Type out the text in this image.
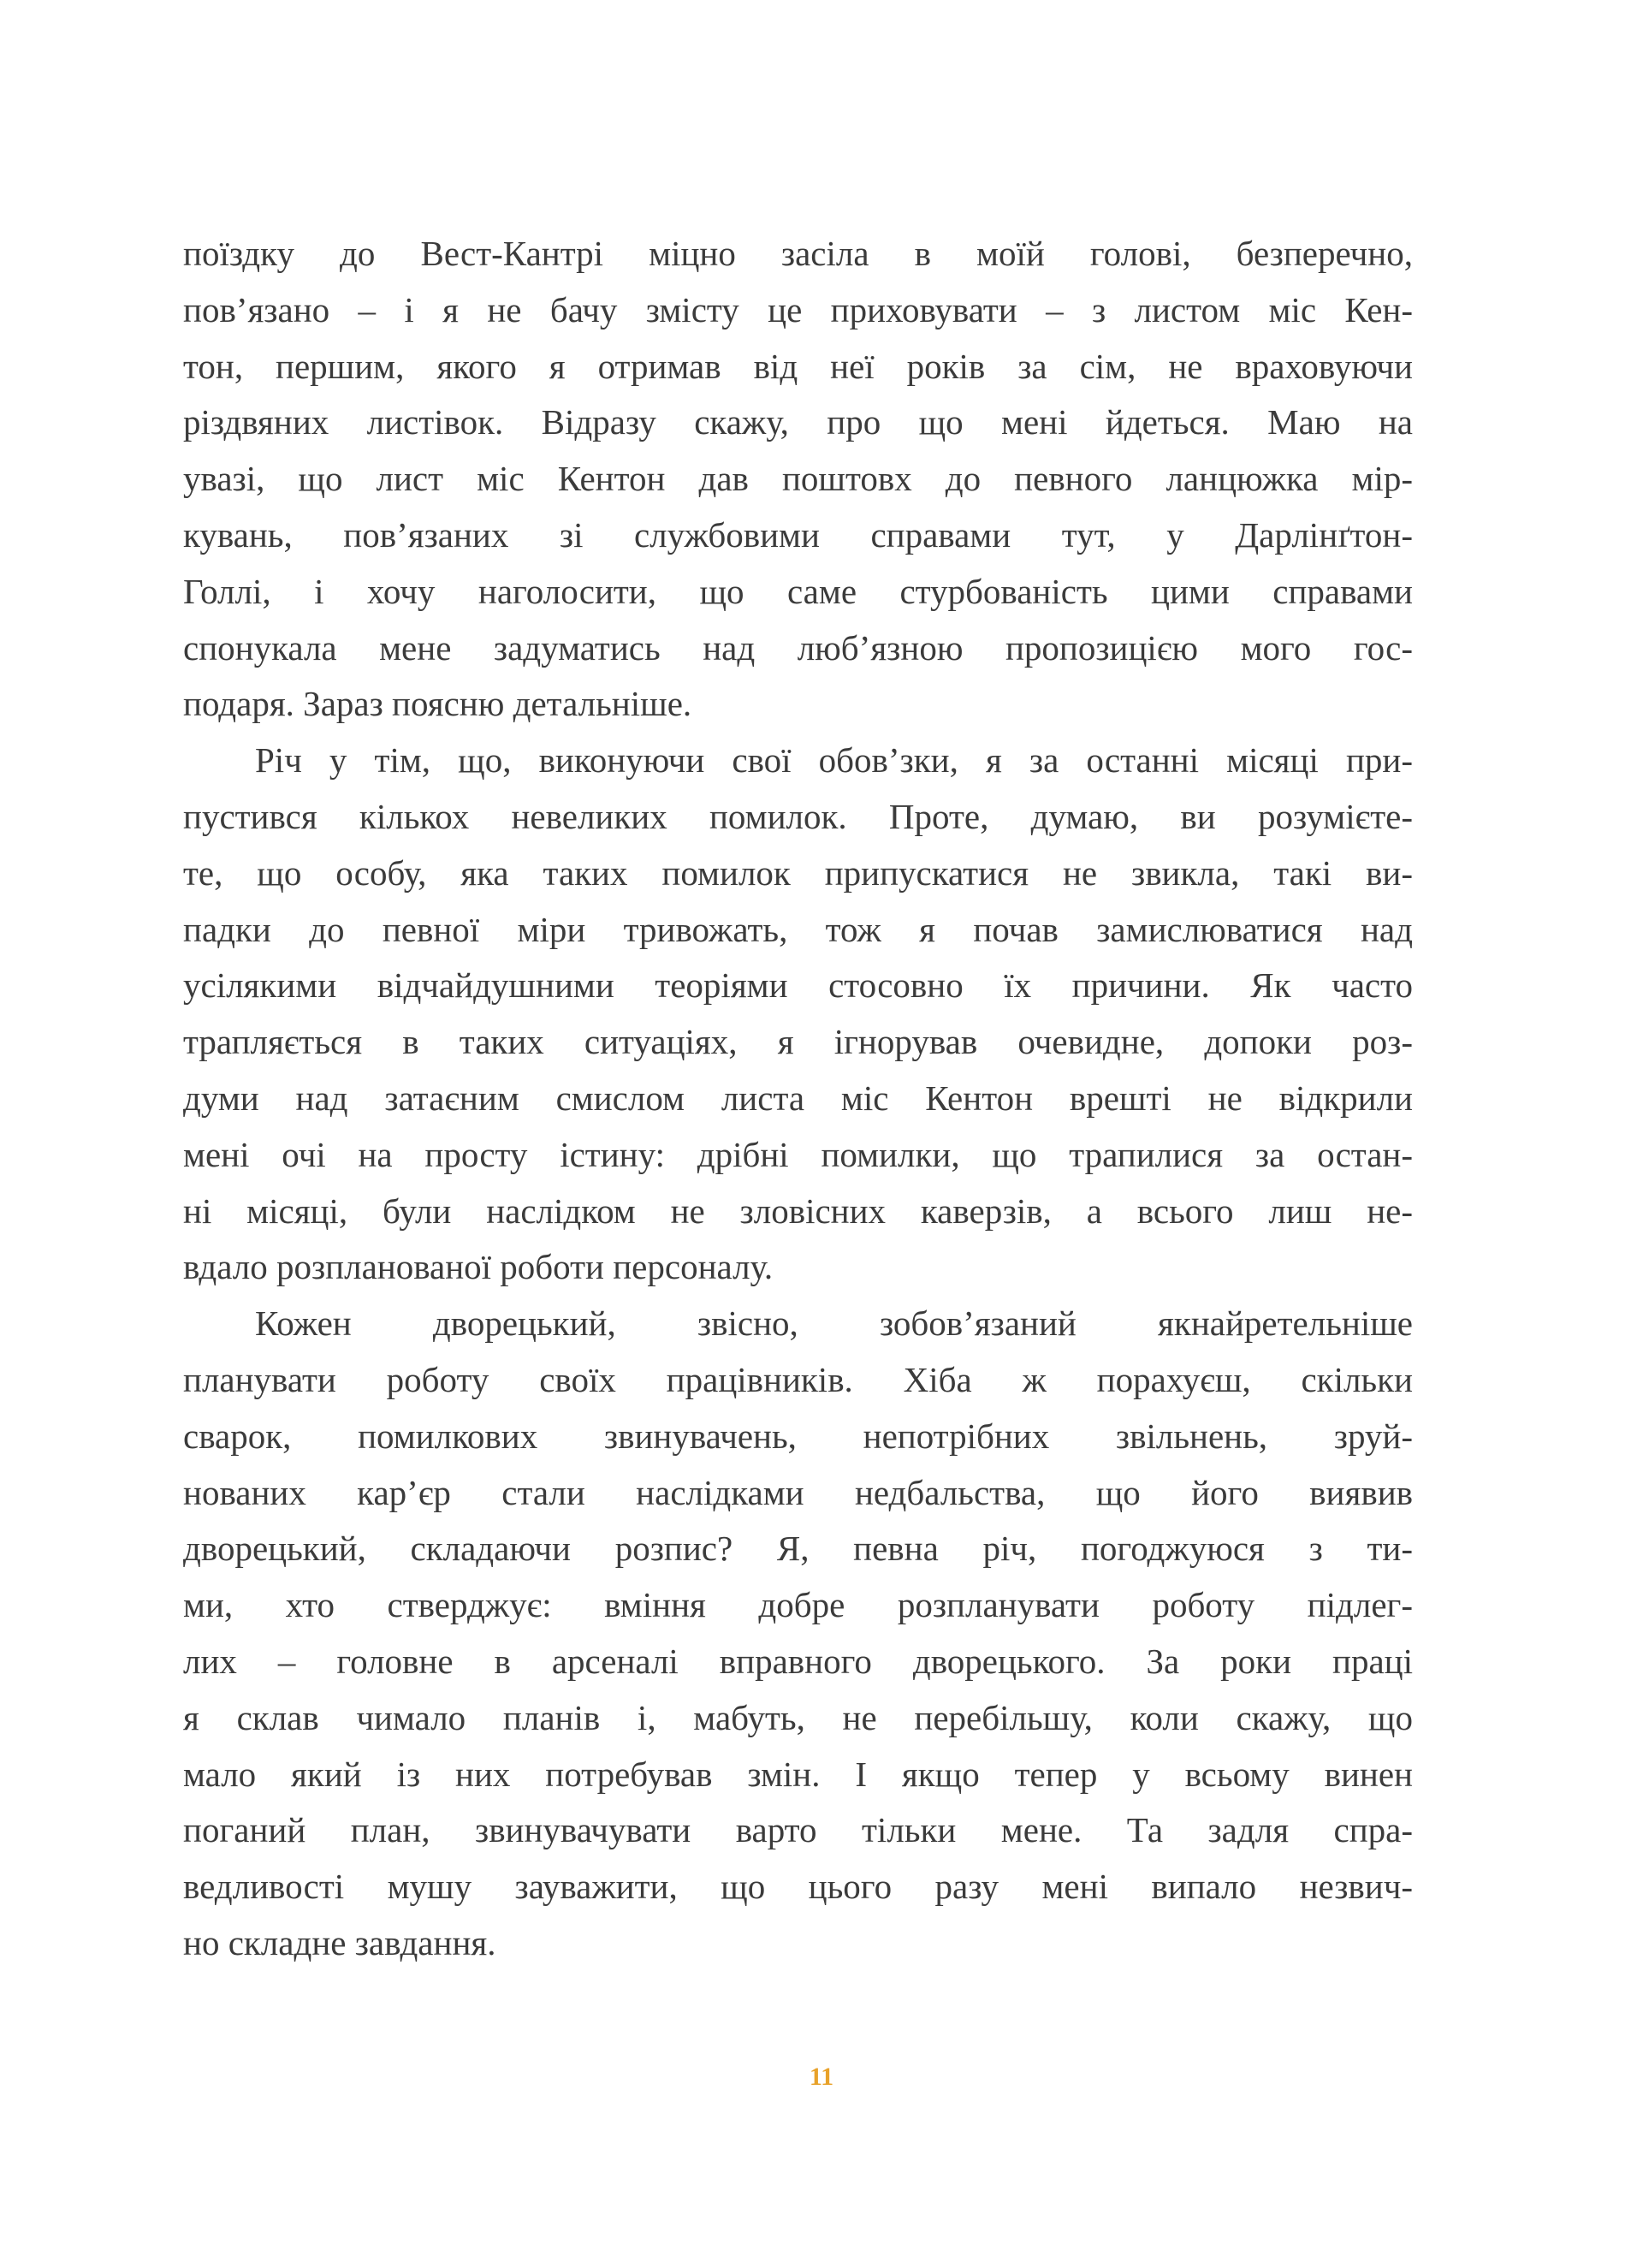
поїздку до Вест-Кантрі міцно засіла в моїй голові, безперечно,
пов’язано – і я не бачу змісту це приховувати – з листом міс Кен-
тон, першим, якого я отримав від неї років за сім, не враховуючи
різдвяних листівок. Відразу скажу, про що мені йдеться. Маю на
увазі, що лист міс Кентон дав поштовх до певного ланцюжка мір-
кувань, пов’язаних зі службовими справами тут, у Дарлінґтон-
Голлі, і хочу наголосити, що саме стурбованість цими справами
спонукала мене задуматись над люб’язною пропозицією мого гос-
подаря. Зараз поясню детальніше.
Річ у тім, що, виконуючи свої обов’зки, я за останні місяці при-
пустився кількох невеликих помилок. Проте, думаю, ви розумієте-
те, що особу, яка таких помилок припускатися не звикла, такі ви-
падки до певної міри тривожать, тож я почав замислюватися над
усілякими відчайдушними теоріями стосовно їх причини. Як часто
трапляється в таких ситуаціях, я ігнорував очевидне, допоки роз-
думи над затаєним смислом листа міс Кентон врешті не відкрили
мені очі на просту істину: дрібні помилки, що трапилися за остан-
ні місяці, були наслідком не зловісних каверзів, а всього лиш не-
вдало розпланованої роботи персоналу.
Кожен дворецький, звісно, зобов’язаний якнайретельніше
планувати роботу своїх працівників. Хіба ж порахуєш, скільки
сварок, помилкових звинувачень, непотрібних звільнень, зруй-
нованих кар’єр стали наслідками недбальства, що його виявив
дворецький, складаючи розпис? Я, певна річ, погоджуюся з ти-
ми, хто стверджує: вміння добре розпланувати роботу підлег-
лих – головне в арсеналі вправного дворецького. За роки праці
я склав чимало планів і, мабуть, не перебільшу, коли скажу, що
мало який із них потребував змін. І якщо тепер у всьому винен
поганий план, звинувачувати варто тільки мене. Та задля спра-
ведливості мушу зауважити, що цього разу мені випало незвич-
но складне завдання.
11
